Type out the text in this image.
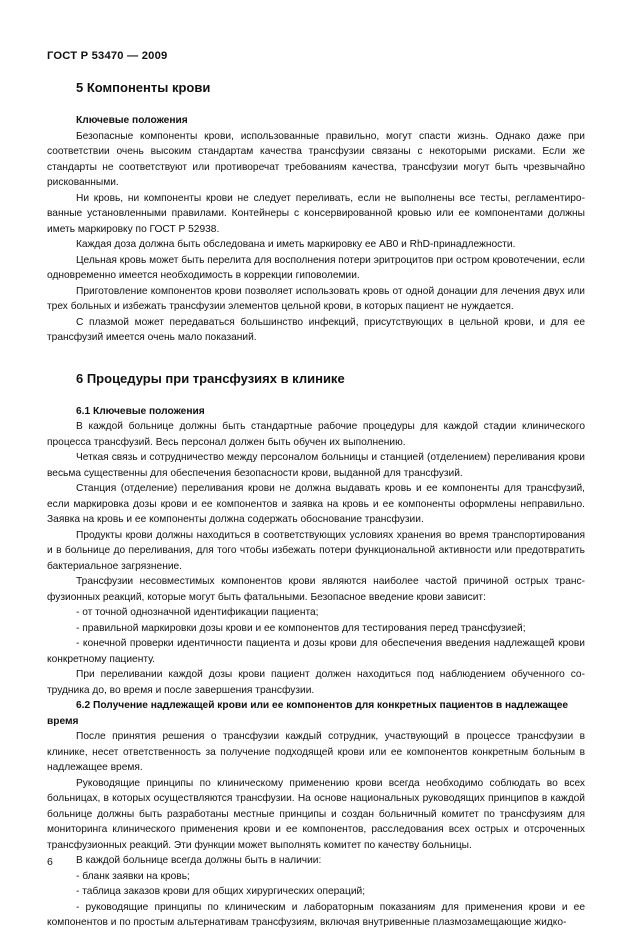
ГОСТ Р 53470 — 2009
5 Компоненты крови
Ключевые положения

Безопасные компоненты крови, использованные правильно, могут спасти жизнь. Однако даже при соответствии очень высоким стандартам качества трансфузии связаны с некоторыми рисками. Если же стандарты не соответствуют или противоречат требованиям качества, трансфузии могут быть чрезвычайно рискованными.

Ни кровь, ни компоненты крови не следует переливать, если не выполнены все тесты, регламентированные установленными правилами. Контейнеры с консервированной кровью или ее компонентами должны иметь маркировку по ГОСТ Р 52938.

Каждая доза должна быть обследована и иметь маркировку ее АВ0 и RhD-принадлежности.

Цельная кровь может быть перелита для восполнения потери эритроцитов при остром кровотечении, если одновременно имеется необходимость в коррекции гиповолемии.

Приготовление компонентов крови позволяет использовать кровь от одной донации для лечения двух или трех больных и избежать трансфузии элементов цельной крови, в которых пациент не нуждается.

С плазмой может передаваться большинство инфекций, присутствующих в цельной крови, и для ее трансфузий имеется очень мало показаний.

6 Процедуры при трансфузиях в клинике
6.1 Ключевые положения

В каждой больнице должны быть стандартные рабочие процедуры для каждой стадии клинического процесса трансфузий. Весь персонал должен быть обучен их выполнению.

Четкая связь и сотрудничество между персоналом больницы и станцией (отделением) переливания крови весьма существенны для обеспечения безопасности крови, выданной для трансфузий.

Станция (отделение) переливания крови не должна выдавать кровь и ее компоненты для трансфузий, если маркировка дозы крови и ее компонентов и заявка на кровь и ее компоненты оформлены неправильно. Заявка на кровь и ее компоненты должна содержать обоснование трансфузии.

Продукты крови должны находиться в соответствующих условиях хранения во время транспортирования и в больнице до переливания, для того чтобы избежать потери функциональной активности или предотвратить бактериальное загрязнение.

Трансфузии несовместимых компонентов крови являются наиболее частой причиной острых трансфузионных реакций, которые могут быть фатальными. Безопасное введение крови зависит:

- от точной однозначной идентификации пациента;

- правильной маркировки дозы крови и ее компонентов для тестирования перед трансфузией;

- конечной проверки идентичности пациента и дозы крови для обеспечения введения надлежащей крови конкретному пациенту.

При переливании каждой дозы крови пациент должен находиться под наблюдением обученного сотрудника до, во время и после завершения трансфузии.

6.2 Получение надлежащей крови или ее компонентов для конкретных пациентов в надлежащее время

После принятия решения о трансфузии каждый сотрудник, участвующий в процессе трансфузии в клинике, несет ответственность за получение подходящей крови или ее компонентов конкретным больным в надлежащее время.

Руководящие принципы по клиническому применению крови всегда необходимо соблюдать во всех больницах, в которых осуществляются трансфузии. На основе национальных руководящих принципов в каждой больнице должны быть разработаны местные принципы и создан больничный комитет по трансфузиям для мониторинга клинического применения крови и ее компонентов, расследования всех острых и отсроченных трансфузионных реакций. Эти функции может выполнять комитет по качеству больницы.

В каждой больнице всегда должны быть в наличии:

- бланк заявки на кровь;

- таблица заказов крови для общих хирургических операций;

- руководящие принципы по клиническим и лабораторным показаниям для применения крови и ее компонентов и по простым альтернативам трансфузиям, включая внутривенные плазмозамещающие жидко-

6
